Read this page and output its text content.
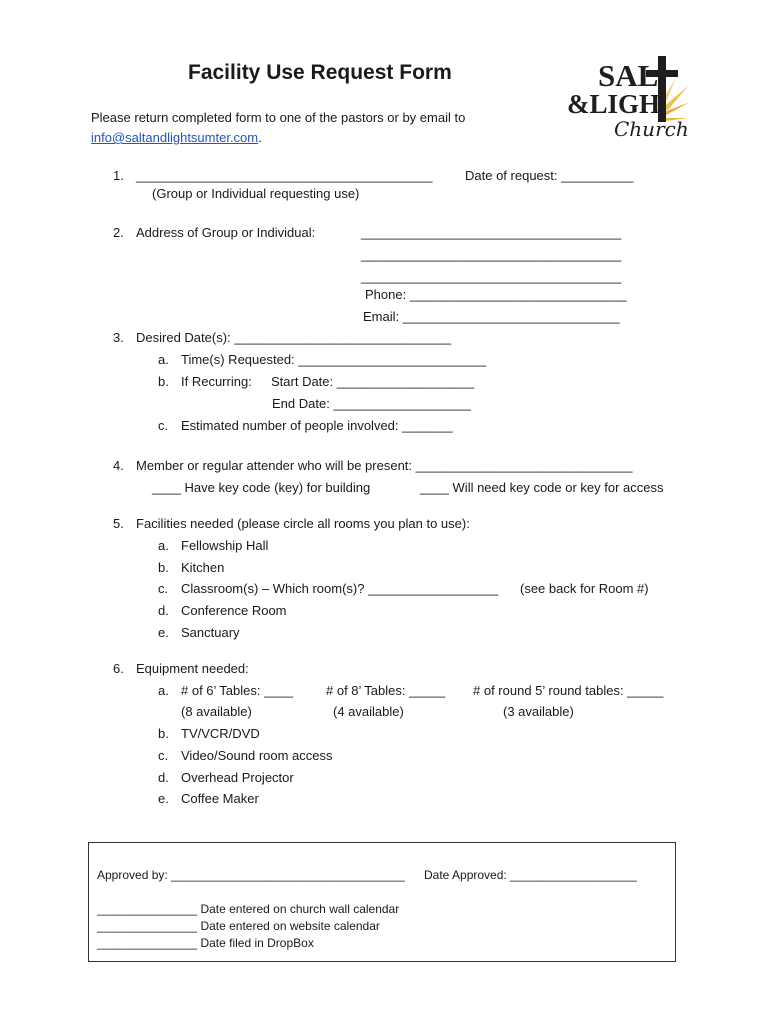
Facility Use Request Form
Please return completed form to one of the pastors or by email to
info@saltandlightsumter.com.
SAL
&LIGH
Church
1. _________________________________________	Date of request: __________
(Group or Individual requesting use)
2. Address of Group or Individual:	____________________________________
____________________________________
____________________________________
Phone: ______________________________
Email: ______________________________
3. Desired Date(s): ______________________________
a. Time(s) Requested: __________________________
b. If Recurring: Start Date: ___________________
End Date: ___________________
c. Estimated number of people involved: _______
4. Member or regular attender who will be present: ______________________________
____ Have key code (key) for building	____ Will need key code or key for access
5. Facilities needed (please circle all rooms you plan to use):
a. Fellowship Hall
b. Kitchen
c. Classroom(s) – Which room(s)? __________________ (see back for Room #)
d. Conference Room
e. Sanctuary
6. Equipment needed:
a. # of 6’ Tables: ____	# of 8’ Tables: _____ # of round 5’ round tables: _____
(8 available)	(4 available)	(3 available)
b. TV/VCR/DVD
c. Video/Sound room access
d. Overhead Projector
e. Coffee Maker
Approved by: ___________________________________ Date Approved: ___________________
_______________ Date entered on church wall calendar
_______________ Date entered on website calendar
_______________ Date filed in DropBox
